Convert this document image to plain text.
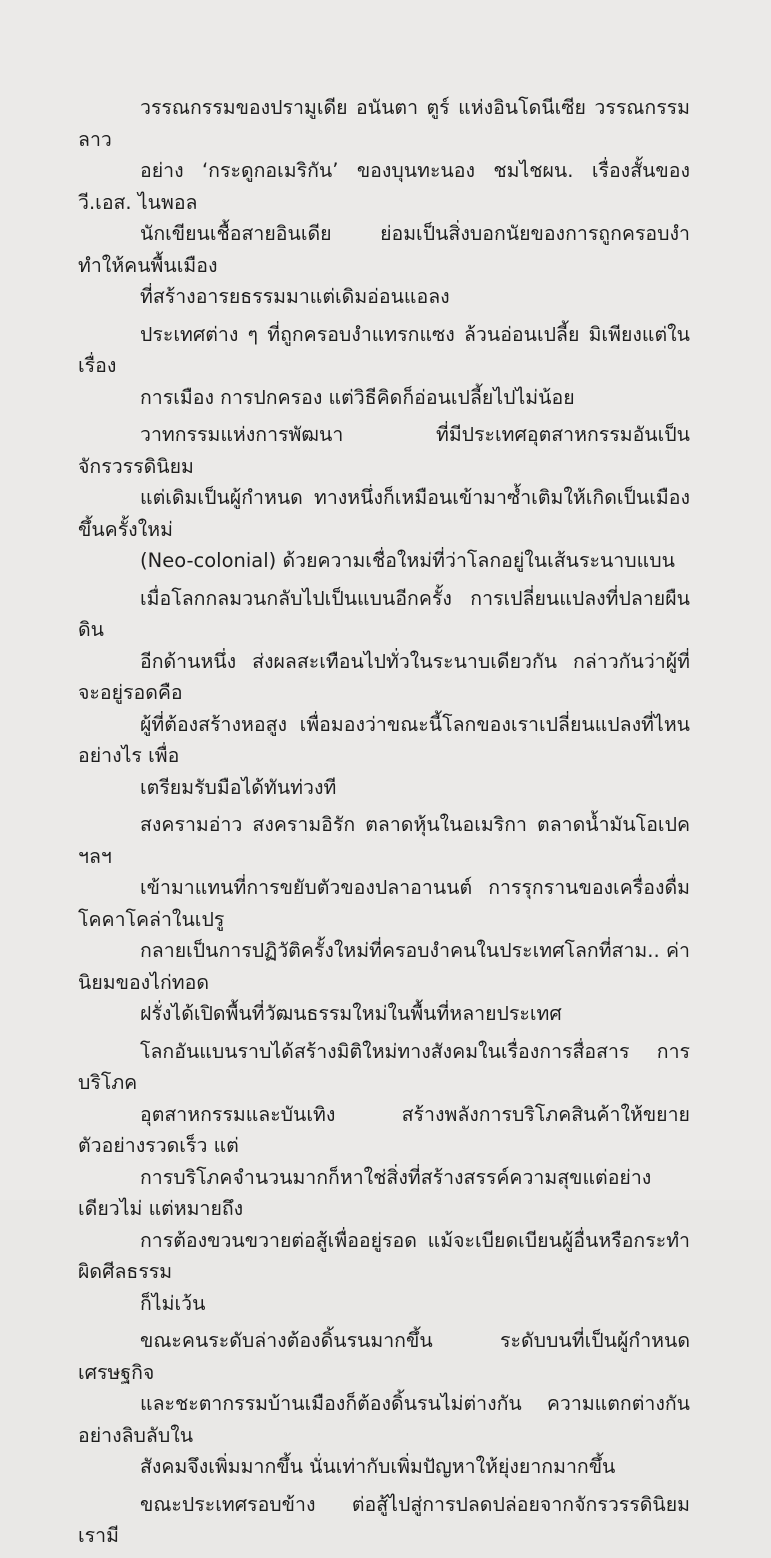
วรรณกรรมของปรามูเดีย อนันตา ตูร์ แห่งอินโดนีเซีย วรรณกรรมลาว
อย่าง ‘กระดูกอเมริกัน’ ของบุนทะนอง ชมไชผน. เรื่องสั้นของวี.เอส. ไนพอล
นักเขียนเชื้อสายอินเดีย ย่อมเป็นสิ่งบอกนัยของการถูกครอบงำ ทำให้คนพื้นเมือง
ที่สร้างอารยธรรมมาแต่เดิมอ่อนแอลง

ประเทศต่าง ๆ ที่ถูกครอบงำแทรกแซง ล้วนอ่อนเปลี้ย มิเพียงแต่ในเรื่อง
การเมือง การปกครอง แต่วิธีคิดก็อ่อนเปลี้ยไปไม่น้อย

วาทกรรมแห่งการพัฒนา ที่มีประเทศอุตสาหกรรมอันเป็นจักรวรรดินิยม
แต่เดิมเป็นผู้กำหนด ทางหนึ่งก็เหมือนเข้ามาซ้ำเติมให้เกิดเป็นเมืองขึ้นครั้งใหม่
(Neo-colonial) ด้วยความเชื่อใหม่ที่ว่าโลกอยู่ในเส้นระนาบแบน

เมื่อโลกกลมวนกลับไปเป็นแบนอีกครั้ง การเปลี่ยนแปลงที่ปลายผืนดิน
อีกด้านหนึ่ง ส่งผลสะเทือนไปทั่วในระนาบเดียวกัน กล่าวกันว่าผู้ที่จะอยู่รอดคือ
ผู้ที่ต้องสร้างหอสูง เพื่อมองว่าขณะนี้โลกของเราเปลี่ยนแปลงที่ไหน อย่างไร เพื่อ
เตรียมรับมือได้ทันท่วงที

สงครามอ่าว สงครามอิรัก ตลาดหุ้นในอเมริกา ตลาดน้ำมันโอเปค ฯลฯ
เข้ามาแทนที่การขยับตัวของปลาอานนต์ การรุกรานของเครื่องดื่มโคคาโคล่าในเปรู
กลายเป็นการปฏิวัติครั้งใหม่ที่ครอบงำคนในประเทศโลกที่สาม.. ค่านิยมของไก่ทอด
ฝรั่งได้เปิดพื้นที่วัฒนธรรมใหม่ในพื้นที่หลายประเทศ

โลกอันแบนราบได้สร้างมิติใหม่ทางสังคมในเรื่องการสื่อสาร การบริโภค
อุตสาหกรรมและบันเทิง สร้างพลังการบริโภคสินค้าให้ขยายตัวอย่างรวดเร็ว แต่
การบริโภคจำนวนมากก็หาใช่สิ่งที่สร้างสรรค์ความสุขแต่อย่างเดียวไม่ แต่หมายถึง
การต้องขวนขวายต่อสู้เพื่ออยู่รอด แม้จะเบียดเบียนผู้อื่นหรือกระทำผิดศีลธรรม
ก็ไม่เว้น

ขณะคนระดับล่างต้องดิ้นรนมากขึ้น ระดับบนที่เป็นผู้กำหนดเศรษฐกิจ
และชะตากรรมบ้านเมืองก็ต้องดิ้นรนไม่ต่างกัน ความแตกต่างกันอย่างลิบลับใน
สังคมจึงเพิ่มมากขึ้น นั่นเท่ากับเพิ่มปัญหาให้ยุ่งยากมากขึ้น

ขณะประเทศรอบข้าง ต่อสู้ไปสู่การปลดปล่อยจากจักรวรรดินิยม เรามี
